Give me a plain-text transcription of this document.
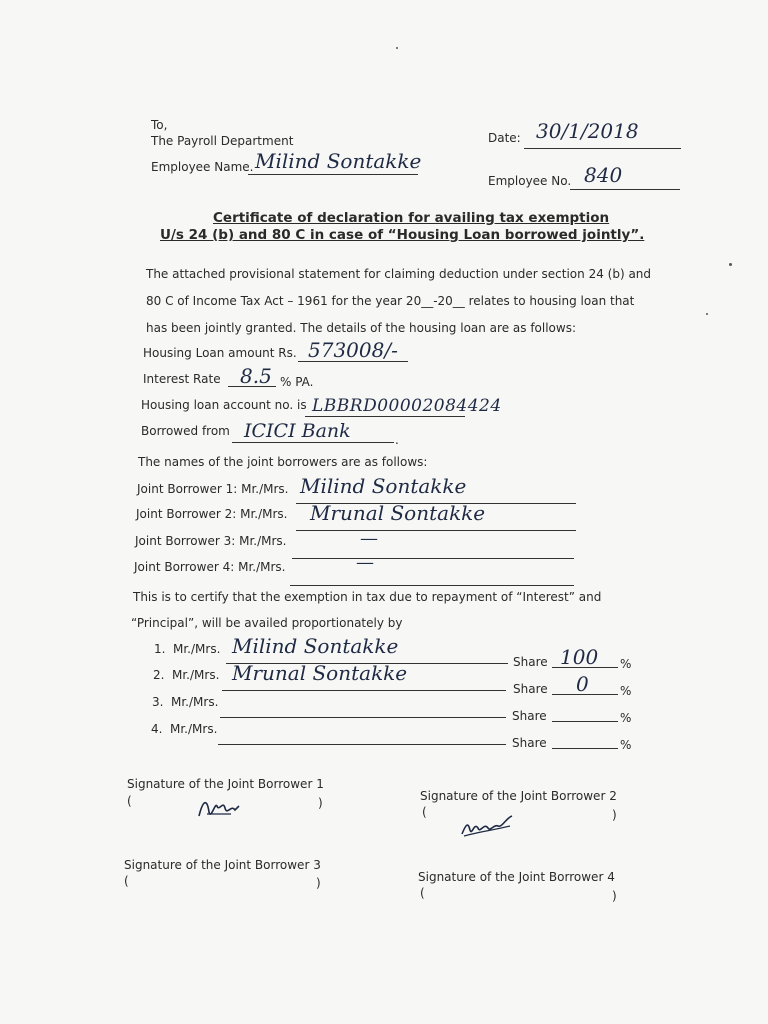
To,
The Payroll Department	Date: 30/1/2018
Employee Name. Milind Sontakke
Employee No. 840
Certificate of declaration for availing tax exemption
U/s 24 (b) and 80 C in case of “Housing Loan borrowed jointly”.
The attached provisional statement for claiming deduction under section 24 (b) and
80 C of Income Tax Act – 1961 for the year 20__-20__ relates to housing loan that
has been jointly granted. The details of the housing loan are as follows:
Housing Loan amount Rs. 573008/-
Interest Rate 8.5 % PA.
Housing loan account no. is LBBRD00002084424
Borrowed from ICICI Bank	.
The names of the joint borrowers are as follows:
Joint Borrower 1: Mr./Mrs. Milind Sontakke
Joint Borrower 2: Mr./Mrs. Mrunal Sontakke
Joint Borrower 3: Mr./Mrs.	—
Joint Borrower 4: Mr./Mrs.	—
This is to certify that the exemption in tax due to repayment of “Interest” and
“Principal”, will be availed proportionately by
1. Mr./Mrs. Milind Sontakke
Share 100 %
2. Mr./Mrs. Mrunal Sontakke
Share 0	%
3. Mr./Mrs.
Share	%
4. Mr./Mrs.
Share	%
Signature of the Joint Borrower 1
(	)	Signature of the Joint Borrower 2
(	)
Signature of the Joint Borrower 3
(	)	Signature of the Joint Borrower 4
(	)
